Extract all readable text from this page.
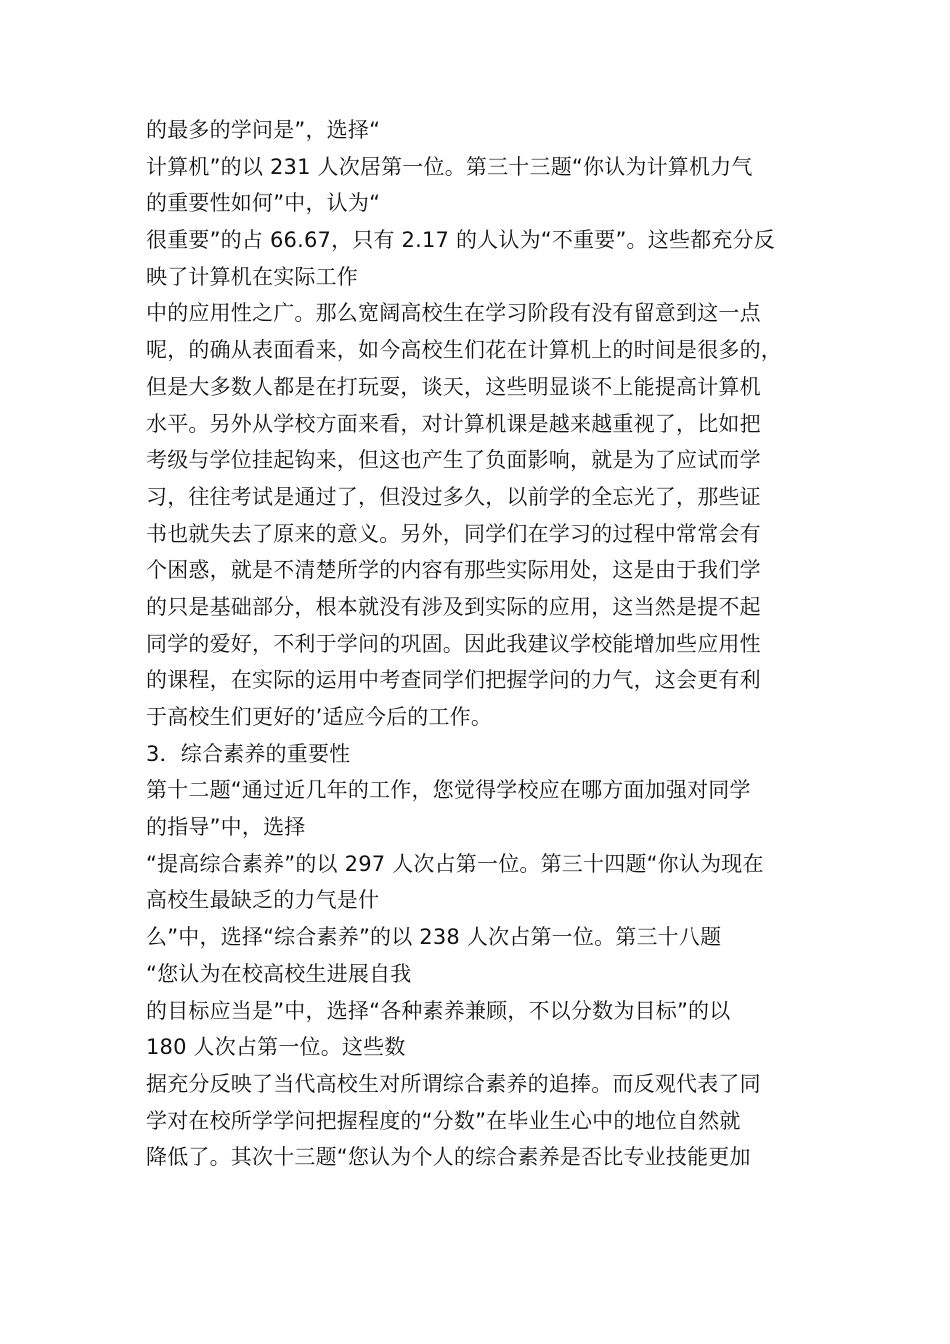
的最多的学问是”，选择“
计算机”的以 231 人次居第一位。第三十三题“你认为计算机力气
的重要性如何”中，认为“
很重要”的占 66.67，只有 2.17 的人认为“不重要”。这些都充分反
映了计算机在实际工作
中的应用性之广。那么宽阔高校生在学习阶段有没有留意到这一点
呢，的确从表面看来，如今高校生们花在计算机上的时间是很多的，
但是大多数人都是在打玩耍，谈天，这些明显谈不上能提高计算机
水平。另外从学校方面来看，对计算机课是越来越重视了，比如把
考级与学位挂起钩来，但这也产生了负面影响，就是为了应试而学
习，往往考试是通过了，但没过多久，以前学的全忘光了，那些证
书也就失去了原来的意义。另外，同学们在学习的过程中常常会有
个困惑，就是不清楚所学的内容有那些实际用处，这是由于我们学
的只是基础部分，根本就没有涉及到实际的应用，这当然是提不起
同学的爱好，不利于学问的巩固。因此我建议学校能增加些应用性
的课程，在实际的运用中考查同学们把握学问的力气，这会更有利
于高校生们更好的’适应今后的工作。
3．综合素养的重要性
第十二题“通过近几年的工作，您觉得学校应在哪方面加强对同学
的指导”中，选择
“提高综合素养”的以 297 人次占第一位。第三十四题“你认为现在
高校生最缺乏的力气是什
么”中，选择“综合素养”的以 238 人次占第一位。第三十八题
“您认为在校高校生进展自我
的目标应当是”中，选择“各种素养兼顾，不以分数为目标”的以
180 人次占第一位。这些数
据充分反映了当代高校生对所谓综合素养的追捧。而反观代表了同
学对在校所学学问把握程度的“分数”在毕业生心中的地位自然就
降低了。其次十三题“您认为个人的综合素养是否比专业技能更加
